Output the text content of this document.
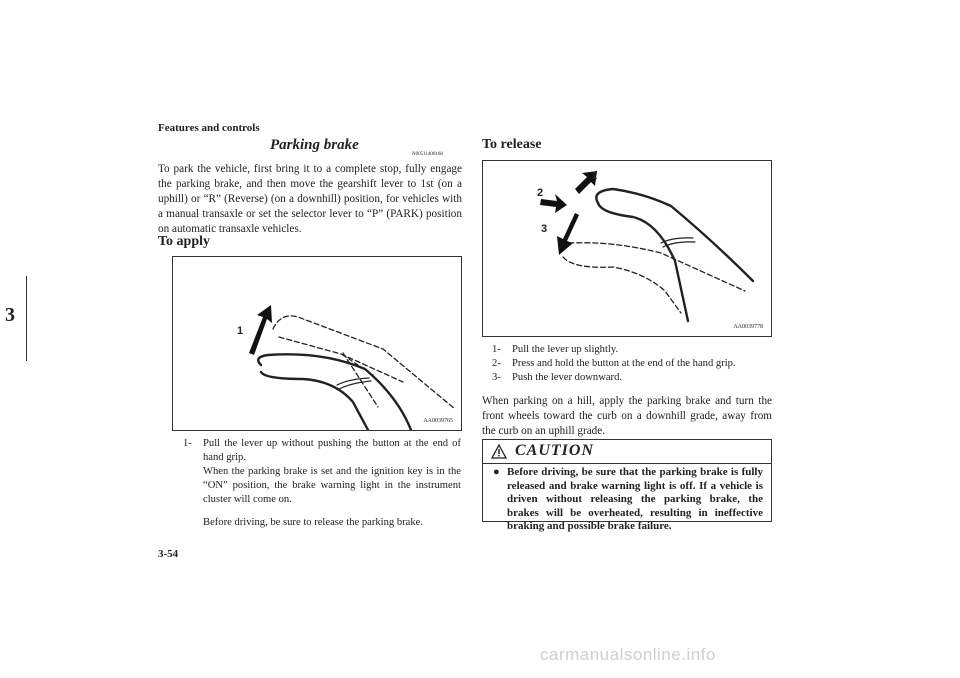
Features and controls
3
Parking brake
N00511400168
To park the vehicle, first bring it to a complete stop, fully engage the parking brake, and then move the gearshift lever to 1st (on a uphill) or “R” (Reverse) (on a downhill) position, for vehicles with a manual transaxle or set the selector lever to “P” (PARK) position on automatic transaxle vehicles.
To apply
1
AA0039765
1-	Pull the lever up without pushing the button at the end of hand grip.
When the parking brake is set and the ignition key is in the “ON” position, the brake warning light in the instrument cluster will come on.
Before driving, be sure to release the parking brake.
To release
1
2
3
AA0039778
1-	Pull the lever up slightly.
2-	Press and hold the button at the end of the hand grip.
3-	Push the lever downward.
When parking on a hill, apply the parking brake and turn the front wheels toward the curb on a downhill grade, away from the curb on an uphill grade.
CAUTION
● Before driving, be sure that the parking brake is fully released and brake warning light is off. If a vehicle is driven without releasing the parking brake, the brakes will be overheated, resulting in ineffective braking and possible brake failure.
3-54
carmanualsonline.info
